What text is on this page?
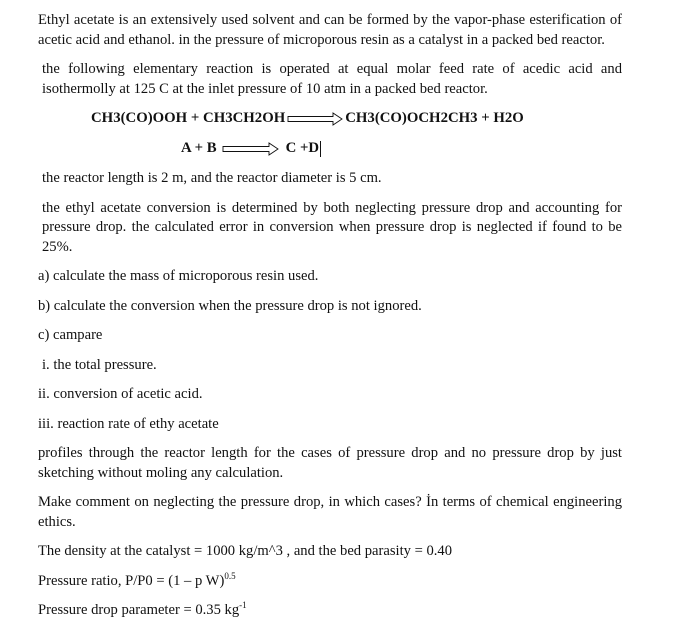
Ethyl acetate is an extensively used solvent and can be formed by the vapor-phase esterification of acetic acid and ethanol. in the pressure of microporous resin as a catalyst in a packed bed reactor.

the following elementary reaction is operated at equal molar feed rate of acedic acid and isothermolly at 125 C at the inlet pressure of 10 atm in a packed bed reactor.

CH3(CO)OOH + CH3CH2OH	CH3(CO)OCH2CH3 + H2O
A + B	C +D

the reactor length is 2 m, and the reactor diameter is 5 cm.

the ethyl acetate conversion is determined by both neglecting pressure drop and accounting for pressure drop. the calculated error in conversion when pressure drop is neglected if found to be 25%.

a) calculate the mass of microporous resin used.

b) calculate the conversion when the pressure drop is not ignored.

c) campare

i. the total pressure.

ii. conversion of acetic acid.

iii. reaction rate of ethy acetate

profiles through the reactor length for the cases of pressure drop and no pressure drop by just sketching without moling any calculation.

Make comment on neglecting the pressure drop, in which cases? İn terms of chemical engineering ethics.

The density at the catalyst = 1000 kg/m^3 , and the bed parasity = 0.40

Pressure ratio, P/P0 = (1 – p W)$^{0.5}$

Pressure drop parameter = 0.35 $kg^{-1}$
